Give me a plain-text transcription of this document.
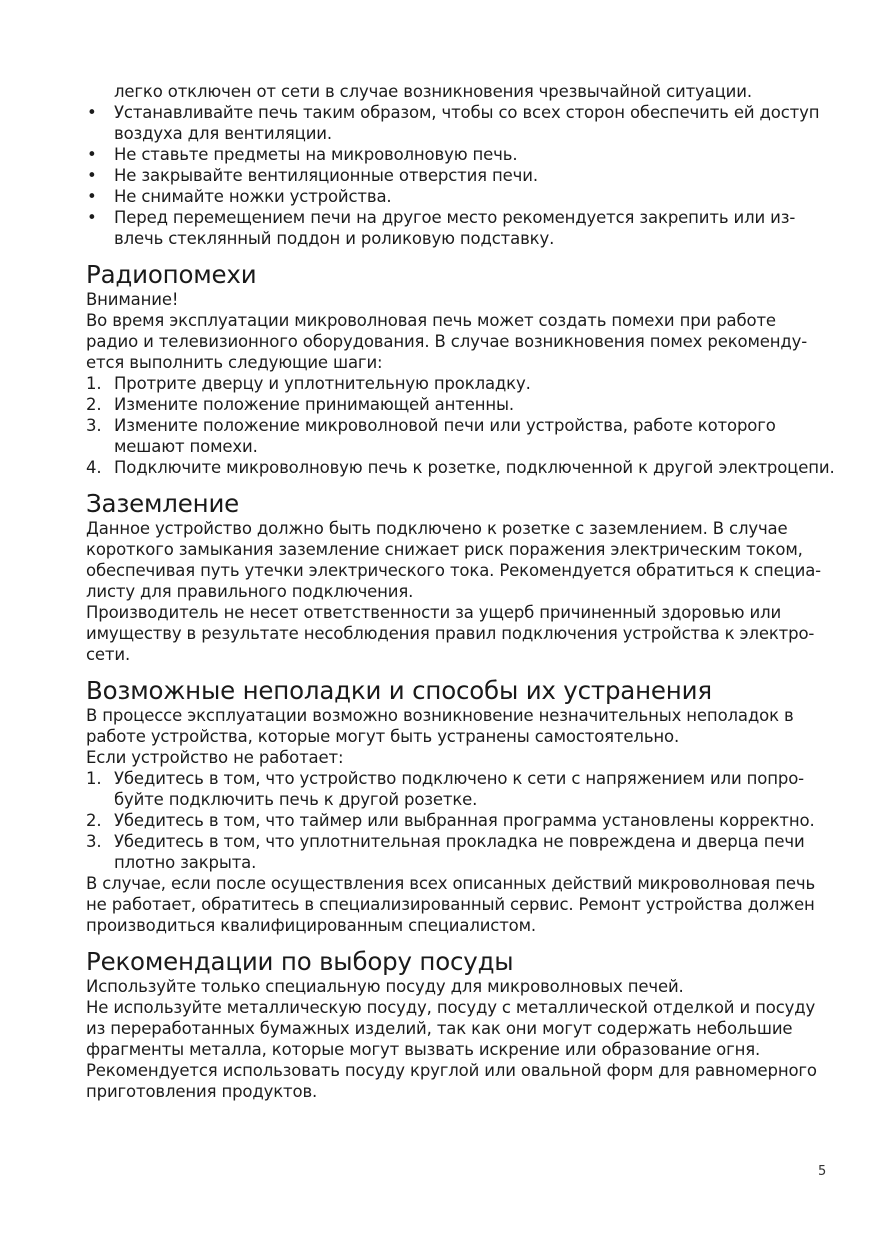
легко отключен от сети в случае возникновения чрезвычайной ситуации.
•	Устанавливайте печь таким образом, чтобы со всех сторон обеспечить ей доступ
воздуха для вентиляции.
•	Не ставьте предметы на микроволновую печь.
•	Не закрывайте вентиляционные отверстия печи.
•	Не снимайте ножки устройства.
•	Перед перемещением печи на другое место рекомендуется закрепить или из-
влечь стеклянный поддон и роликовую подставку.
Радиопомехи
Внимание!
Во время эксплуатации микроволновая печь может создать помехи при работе
радио и телевизионного оборудования. В случае возникновения помех рекоменду-
ется выполнить следующие шаги:
1. Протрите дверцу и уплотнительную прокладку.
2. Измените положение принимающей антенны.
3. Измените положение микроволновой печи или устройства, работе которого
мешают помехи.
4. Подключите микроволновую печь к розетке, подключенной к другой электроцепи.
Заземление
Данное устройство должно быть подключено к розетке с заземлением. В случае
короткого замыкания заземление снижает риск поражения электрическим током,
обеспечивая путь утечки электрического тока. Рекомендуется обратиться к специа-
листу для правильного подключения.
Производитель не несет ответственности за ущерб причиненный здоровью или
имуществу в результате несоблюдения правил подключения устройства к электро-
сети.
Возможные неполадки и способы их устранения
В процессе эксплуатации возможно возникновение незначительных неполадок в
работе устройства, которые могут быть устранены самостоятельно.
Если устройство не работает:
1. Убедитесь в том, что устройство подключено к сети с напряжением или попро-
буйте подключить печь к другой розетке.
2. Убедитесь в том, что таймер или выбранная программа установлены корректно.
3. Убедитесь в том, что уплотнительная прокладка не повреждена и дверца печи
плотно закрыта.
В случае, если после осуществления всех описанных действий микроволновая печь
не работает, обратитесь в специализированный сервис. Ремонт устройства должен
производиться квалифицированным специалистом.
Рекомендации по выбору посуды
Используйте только специальную посуду для микроволновых печей.
Не используйте металлическую посуду, посуду с металлической отделкой и посуду
из переработанных бумажных изделий, так как они могут содержать небольшие
фрагменты металла, которые могут вызвать искрение или образование огня.
Рекомендуется использовать посуду круглой или овальной форм для равномерного
приготовления продуктов.
5
